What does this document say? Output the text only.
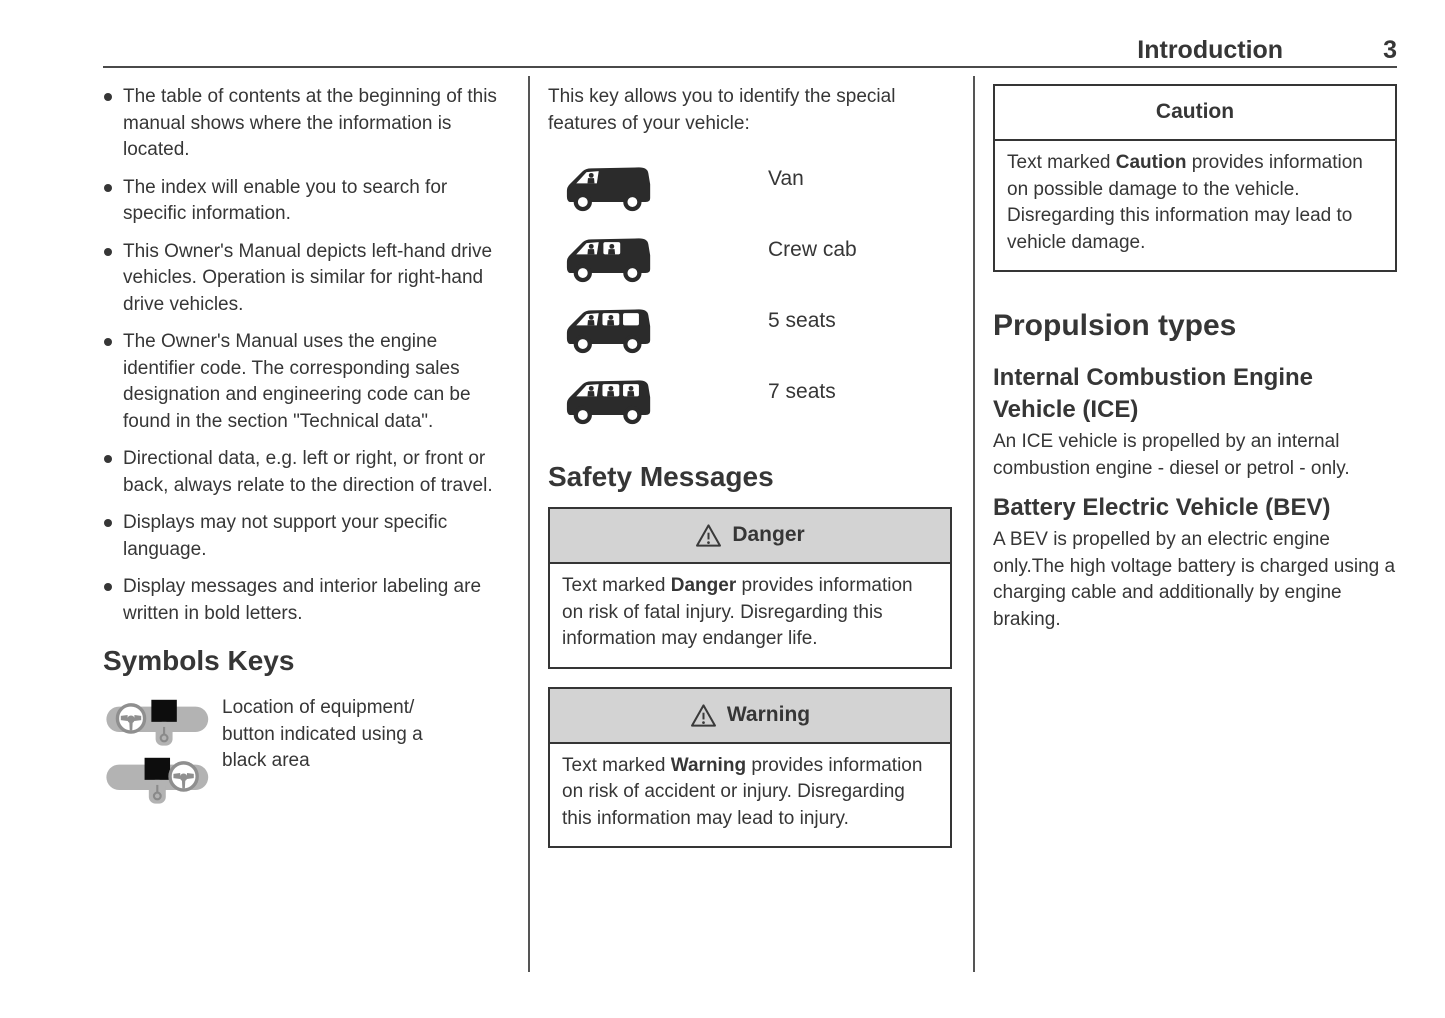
Introduction	3
The table of contents at the beginning of this manual shows where the information is located.
The index will enable you to search for specific information.
This Owner's Manual depicts left-hand drive vehicles. Operation is similar for right-hand drive vehicles.
The Owner's Manual uses the engine identifier code. The corresponding sales designation and engineering code can be found in the section "Technical data".
Directional data, e.g. left or right, or front or back, always relate to the direction of travel.
Displays may not support your specific language.
Display messages and interior labeling are written in bold letters.
Symbols Keys
Location of equipment/ button indicated using a black area

This key allows you to identify the special features of your vehicle:

Van
Crew cab
5 seats
7 seats
Safety Messages
Danger
Text marked Danger provides information on risk of fatal injury. Disregarding this information may endanger life.
Warning
Text marked Warning provides information on risk of accident or injury. Disregarding this information may lead to injury.
Caution
Text marked Caution provides information on possible damage to the vehicle. Disregarding this information may lead to vehicle damage.
Propulsion types
Internal Combustion Engine Vehicle (ICE)

An ICE vehicle is propelled by an internal combustion engine - diesel or petrol - only.

Battery Electric Vehicle (BEV)

A BEV is propelled by an electric engine only.The high voltage battery is charged using a charging cable and additionally by engine braking.
